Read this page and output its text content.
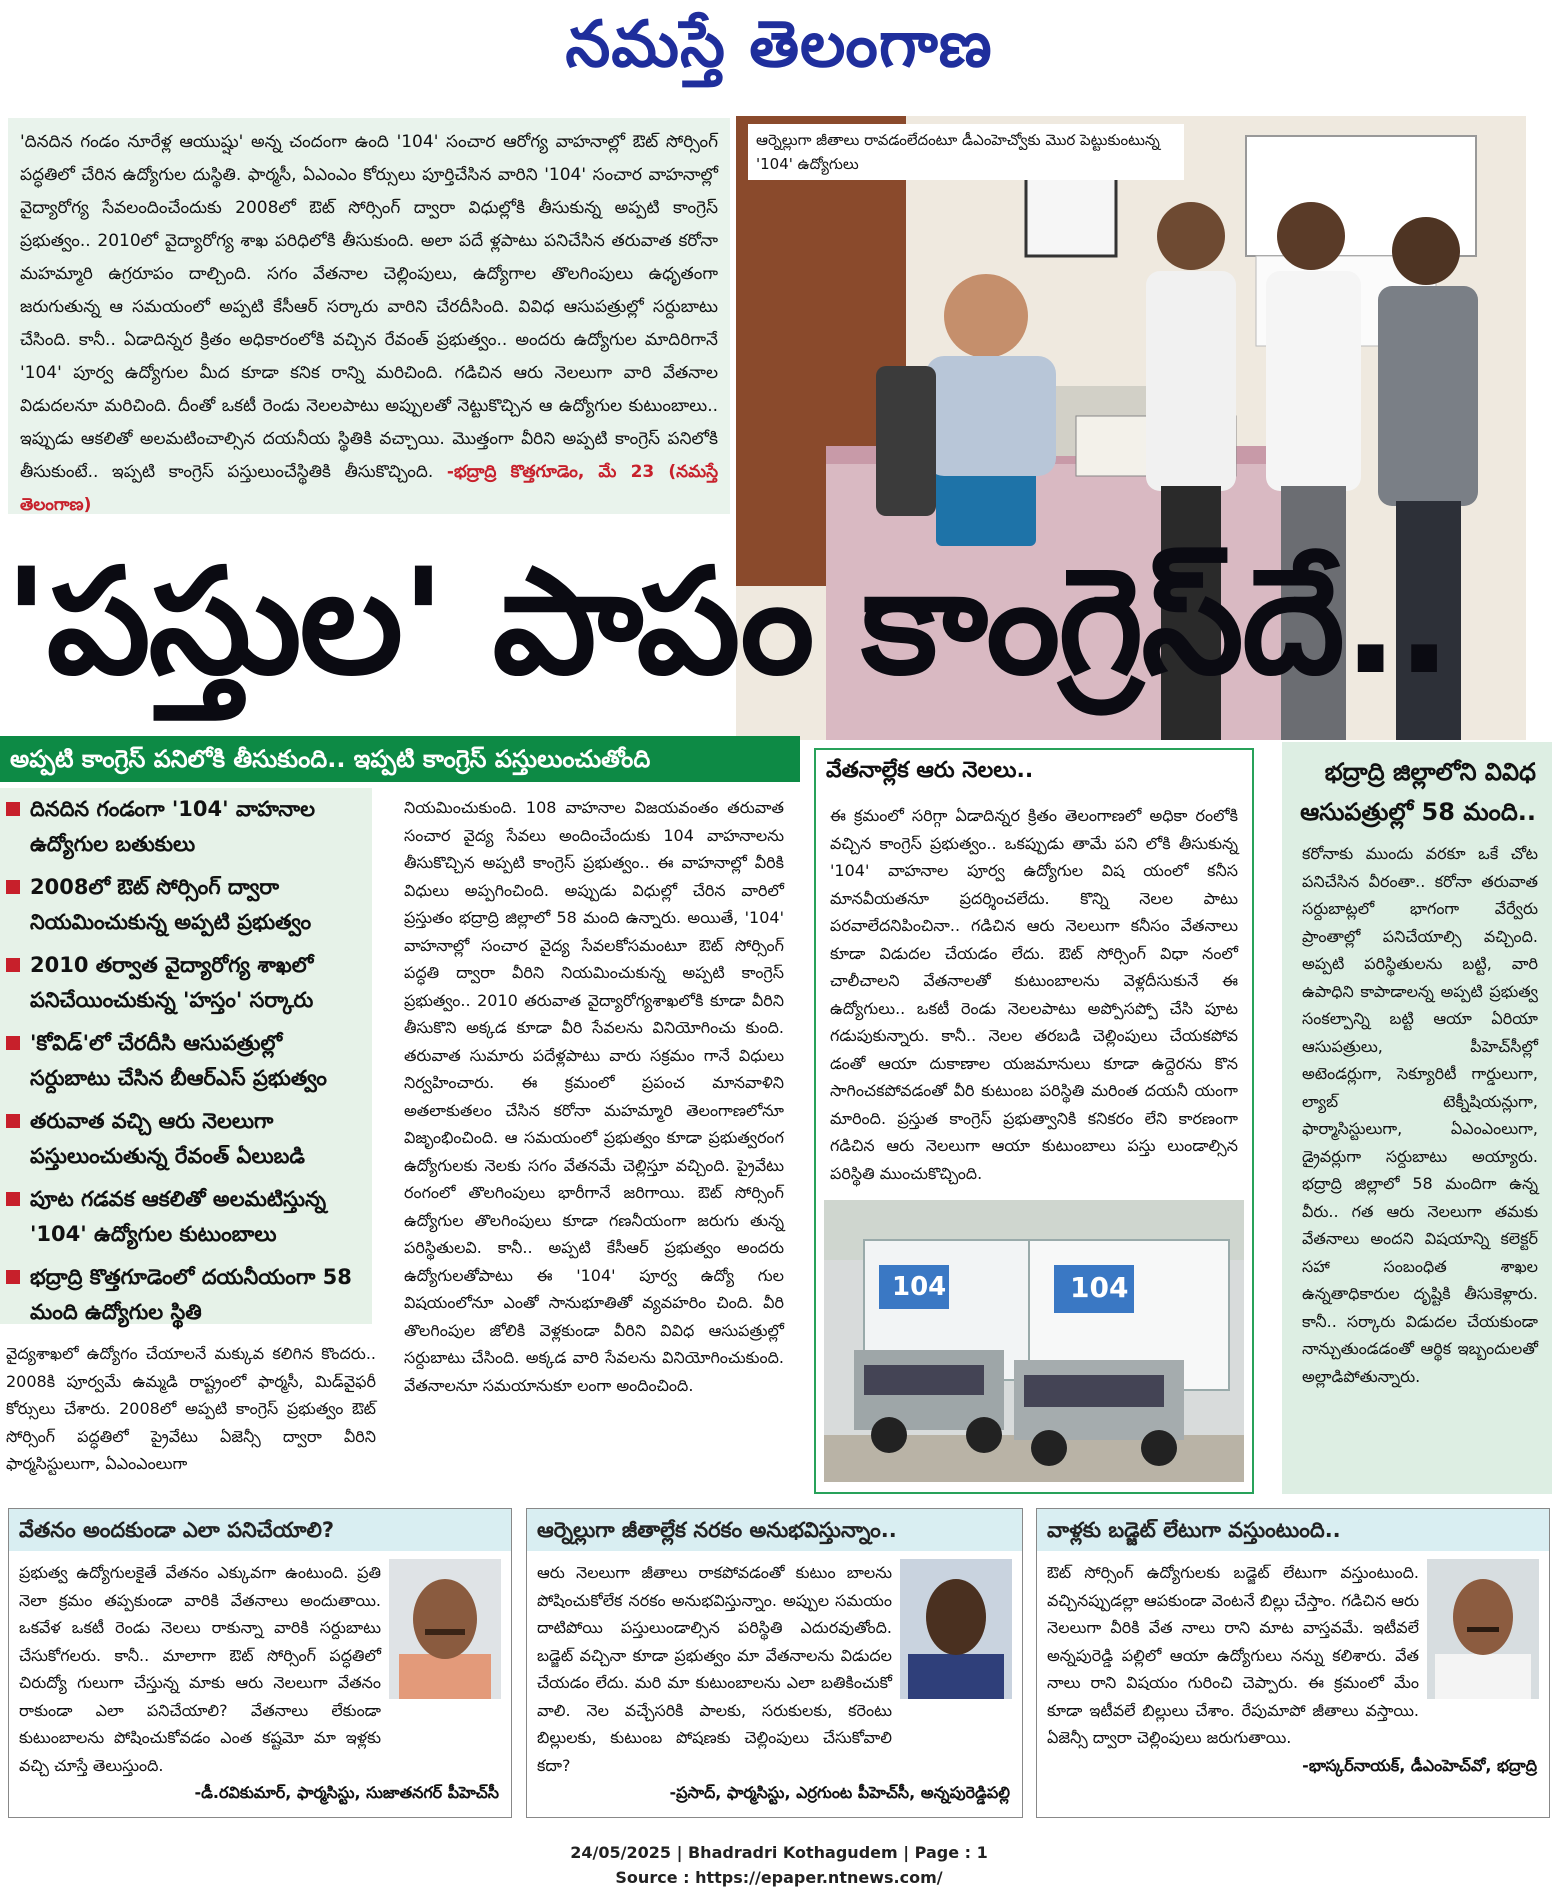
నమస్తే తెలంగాణ
'దినదిన గండం నూరేళ్ల ఆయుష్షు' అన్న చందంగా ఉంది '104' సంచార ఆరోగ్య వాహనాల్లో ఔట్ సోర్సింగ్ పద్ధతిలో చేరిన ఉద్యోగుల దుస్థితి. ఫార్మసీ, ఏఎంఎం కోర్సులు పూర్తిచేసిన వారిని '104' సంచార వాహనాల్లో వైద్యారోగ్య సేవలందించేందుకు 2008లో ఔట్ సోర్సింగ్ ద్వారా విధుల్లోకి తీసుకున్న అప్పటి కాంగ్రెస్ ప్రభుత్వం.. 2010లో వైద్యారోగ్య శాఖ పరిధిలోకి తీసుకుంది. అలా పదే ళ్లపాటు పనిచేసిన తరువాత కరోనా మహమ్మారి ఉగ్రరూపం దాల్చింది. సగం వేతనాల చెల్లింపులు, ఉద్యోగాల తొలగింపులు ఉధృతంగా జరుగుతున్న ఆ సమయంలో అప్పటి కేసీఆర్ సర్కారు వారిని చేరదీసింది. వివిధ ఆసుపత్రుల్లో సర్దుబాటు చేసింది. కానీ.. ఏడాదిన్నర క్రితం అధికారంలోకి వచ్చిన రేవంత్ ప్రభుత్వం.. అందరు ఉద్యోగుల మాదిరిగానే '104' పూర్వ ఉద్యోగుల మీద కూడా కనిక రాన్ని మరిచింది. గడిచిన ఆరు నెలలుగా వారి వేతనాల విడుదలనూ మరిచింది. దీంతో ఒకటీ రెండు నెలలపాటు అప్పులతో నెట్టుకొచ్చిన ఆ ఉద్యోగుల కుటుంబాలు.. ఇప్పుడు ఆకలితో అలమటించాల్సిన దయనీయ స్థితికి వచ్చాయి. మొత్తంగా వీరిని అప్పటి కాంగ్రెస్ పనిలోకి తీసుకుంటే.. ఇప్పటి కాంగ్రెస్ పస్తులుంచేస్థితికి తీసుకొచ్చింది. -భద్రాద్రి కొత్తగూడెం, మే 23 (నమస్తే తెలంగాణ)
ఆర్నెల్లుగా జీతాలు రావడంలేదంటూ డీఎంహెచ్వోకు మొర పెట్టుకుంటున్న '104' ఉద్యోగులు
'పస్తుల' పాపం కాంగ్రెస్‌దే..
అప్పటి కాంగ్రెస్ పనిలోకి తీసుకుంది.. ఇప్పటి కాంగ్రెస్ పస్తులుంచుతోంది
దినదిన గండంగా '104' వాహనాల ఉద్యోగుల బతుకులు
2008లో ఔట్ సోర్సింగ్ ద్వారా నియమించుకున్న అప్పటి ప్రభుత్వం
2010 తర్వాత వైద్యారోగ్య శాఖలో పనిచేయించుకున్న 'హస్తం' సర్కారు
'కోవిడ్'లో చేరదీసి ఆసుపత్రుల్లో సర్దుబాటు చేసిన బీఆర్ఎస్ ప్రభుత్వం
తరువాత వచ్చి ఆరు నెలలుగా పస్తులుంచుతున్న రేవంత్ ఏలుబడి
పూట గడవక ఆకలితో అలమటిస్తున్న '104' ఉద్యోగుల కుటుంబాలు
భద్రాద్రి కొత్తగూడెంలో దయనీయంగా 58 మంది ఉద్యోగుల స్థితి
వైద్యశాఖలో ఉద్యోగం చేయాలనే మక్కువ కలిగిన కొందరు.. 2008కి పూర్వమే ఉమ్మడి రాష్ట్రంలో ఫార్మసీ, మిడ్‌వైఫరీ కోర్సులు చేశారు. 2008లో అప్పటి కాంగ్రెస్ ప్రభుత్వం ఔట్ సోర్సింగ్ పద్ధతిలో ప్రైవేటు ఏజెన్సీ ద్వారా వీరిని ఫార్మసిస్టులుగా, ఏఎంఎంలుగా
నియమించుకుంది. 108 వాహనాల విజయవంతం తరువాత సంచార వైద్య సేవలు అందించేందుకు 104 వాహనాలను తీసుకొచ్చిన అప్పటి కాంగ్రెస్ ప్రభుత్వం.. ఈ వాహనాల్లో వీరికి విధులు అప్పగించింది. అప్పుడు విధుల్లో చేరిన వారిలో ప్రస్తుతం భద్రాద్రి జిల్లాలో 58 మంది ఉన్నారు. అయితే, '104' వాహనాల్లో సంచార వైద్య సేవలకోసమంటూ ఔట్ సోర్సింగ్ పద్ధతి ద్వారా వీరిని నియమించుకున్న అప్పటి కాంగ్రెస్ ప్రభుత్వం.. 2010 తరువాత వైద్యారోగ్యశాఖలోకి కూడా వీరిని తీసుకొని అక్కడ కూడా వీరి సేవలను వినియోగించు కుంది. తరువాత సుమారు పదేళ్లపాటు వారు సక్రమం గానే విధులు నిర్వహించారు. ఈ క్రమంలో ప్రపంచ మానవాళిని అతలాకుతలం చేసిన కరోనా మహమ్మారి తెలంగాణలోనూ విజృంభించింది. ఆ సమయంలో ప్రభుత్వం కూడా ప్రభుత్వరంగ ఉద్యోగులకు నెలకు సగం వేతనమే చెల్లిస్తూ వచ్చింది. ప్రైవేటు రంగంలో తొలగింపులు భారీగానే జరిగాయి. ఔట్ సోర్సింగ్ ఉద్యోగుల తొలగింపులు కూడా గణనీయంగా జరుగు తున్న పరిస్థితులవి. కానీ.. అప్పటి కేసీఆర్ ప్రభుత్వం అందరు ఉద్యోగులతోపాటు ఈ '104' పూర్వ ఉద్యో గుల విషయంలోనూ ఎంతో సానుభూతితో వ్యవహరిం చింది. వీరి తొలగింపుల జోలికి వెళ్లకుండా వీరిని వివిధ ఆసుపత్రుల్లో సర్దుబాటు చేసింది. అక్కడ వారి సేవలను వినియోగించుకుంది. వేతనాలనూ సమయానుకూ లంగా అందించింది.
వేతనాల్లేక ఆరు నెలలు..
ఈ క్రమంలో సరిగ్గా ఏడాదిన్నర క్రితం తెలంగాణలో అధికా రంలోకి వచ్చిన కాంగ్రెస్ ప్రభుత్వం.. ఒకప్పుడు తామే పని లోకి తీసుకున్న '104' వాహనాల పూర్వ ఉద్యోగుల విష యంలో కనీస మానవీయతనూ ప్రదర్శించలేదు. కొన్ని నెలల పాటు పరవాలేదనిపించినా.. గడిచిన ఆరు నెలలుగా కనీసం వేతనాలు కూడా విడుదల చేయడం లేదు. ఔట్ సోర్సింగ్ విధా నంలో చాలీచాలని వేతనాలతో కుటుంబాలను వెళ్లదీసుకునే ఈ ఉద్యోగులు.. ఒకటీ రెండు నెలలపాటు అప్పోసప్పో చేసి పూట గడుపుకున్నారు. కానీ.. నెలల తరబడి చెల్లింపులు చేయకపోవ డంతో ఆయా దుకాణాల యజమానులు కూడా ఉద్దెరను కొన సాగించకపోవడంతో వీరి కుటుంబ పరిస్థితి మరింత దయనీ యంగా మారింది. ప్రస్తుత కాంగ్రెస్ ప్రభుత్వానికి కనికరం లేని కారణంగా గడిచిన ఆరు నెలలుగా ఆయా కుటుంబాలు పస్తు లుండాల్సిన పరిస్థితి ముంచుకొచ్చింది.
104	104
భద్రాద్రి జిల్లాలోని వివిధ ఆసుపత్రుల్లో 58 మంది..
కరోనాకు ముందు వరకూ ఒకే చోట పనిచేసిన వీరంతా.. కరోనా తరువాత సర్దుబాట్లలో భాగంగా వేర్వేరు ప్రాంతాల్లో పనిచేయాల్సి వచ్చింది. అప్పటి పరిస్థితులను బట్టి, వారి ఉపాధిని కాపాడాలన్న అప్పటి ప్రభుత్వ సంకల్పాన్ని బట్టి ఆయా ఏరియా ఆసుపత్రులు, పీహెచ్‌సీల్లో అటెండర్లుగా, సెక్యూరిటీ గార్డులుగా, ల్యాబ్ టెక్నీషియన్లుగా, ఫార్మాసిస్టులుగా, ఏఎంఎంలుగా, డ్రైవర్లుగా సర్దుబాటు అయ్యారు. భద్రాద్రి జిల్లాలో 58 మందిగా ఉన్న వీరు.. గత ఆరు నెలలుగా తమకు వేతనాలు అందని విషయాన్ని కలెక్టర్ సహా సంబంధిత శాఖల ఉన్నతాధికారుల దృష్టికి తీసుకెళ్లారు. కానీ.. సర్కారు విడుదల చేయకుండా నాన్చుతుండడంతో ఆర్థిక ఇబ్బందులతో అల్లాడిపోతున్నారు.
వేతనం అందకుండా ఎలా పనిచేయాలి?
ప్రభుత్వ ఉద్యోగులకైతే వేతనం ఎక్కువగా ఉంటుంది. ప్రతి నెలా క్రమం తప్పకుండా వారికి వేతనాలు అందుతాయి. ఒకవేళ ఒకటీ రెండు నెలలు రాకున్నా వారికి సర్దుబాటు చేసుకోగలరు. కానీ.. మాలాగా ఔట్ సోర్సింగ్ పద్ధతిలో చిరుద్యో గులుగా చేస్తున్న మాకు ఆరు నెలలుగా వేతనం రాకుండా ఎలా పనిచేయాలి? వేతనాలు లేకుండా కుటుంబాలను పోషించుకోవడం ఎంత కష్టమో మా ఇళ్లకు వచ్చి చూస్తే తెలుస్తుంది.
-డీ.రవికుమార్, ఫార్మసిస్టు, సుజాతనగర్ పీహెచ్‌సీ
ఆర్నెల్లుగా జీతాల్లేక నరకం అనుభవిస్తున్నాం..
ఆరు నెలలుగా జీతాలు రాకపోవడంతో కుటుం బాలను పోషించుకోలేక నరకం అనుభవిస్తున్నాం. అప్పుల సమయం దాటిపోయి పస్తులుండాల్సిన పరిస్థితి ఎదురవుతోంది. బడ్జెట్ వచ్చినా కూడా ప్రభుత్వం మా వేతనాలను విడుదల చేయడం లేదు. మరి మా కుటుంబాలను ఎలా బతికించుకో వాలి. నెల వచ్చేసరికి పాలకు, సరుకులకు, కరెంటు బిల్లులకు, కుటుంబ పోషణకు చెల్లింపులు చేసుకోవాలి కదా?
-ప్రసాద్, ఫార్మసిస్టు, ఎర్రగుంట పీహెచ్‌సీ, అన్నపురెడ్డిపల్లి
వాళ్లకు బడ్జెట్ లేటుగా వస్తుంటుంది..
ఔట్ సోర్సింగ్ ఉద్యోగులకు బడ్జెట్ లేటుగా వస్తుంటుంది. వచ్చినప్పుడల్లా ఆపకుండా వెంటనే బిల్లు చేస్తాం. గడిచిన ఆరు నెలలుగా వీరికి వేత నాలు రాని మాట వాస్తవమే. ఇటీవలే అన్నపురెడ్డి పల్లిలో ఆయా ఉద్యోగులు నన్ను కలిశారు. వేత నాలు రాని విషయం గురించి చెప్పారు. ఈ క్రమంలో మేం కూడా ఇటీవలే బిల్లులు చేశాం. రేపుమాపో జీతాలు వస్తాయి. ఏజెన్సీ ద్వారా చెల్లింపులు జరుగుతాయి.
-భాస్కర్‌నాయక్, డీఎంహెచ్‌వో, భద్రాద్రి
24/05/2025 | Bhadradri Kothagudem | Page : 1
Source : https://epaper.ntnews.com/
